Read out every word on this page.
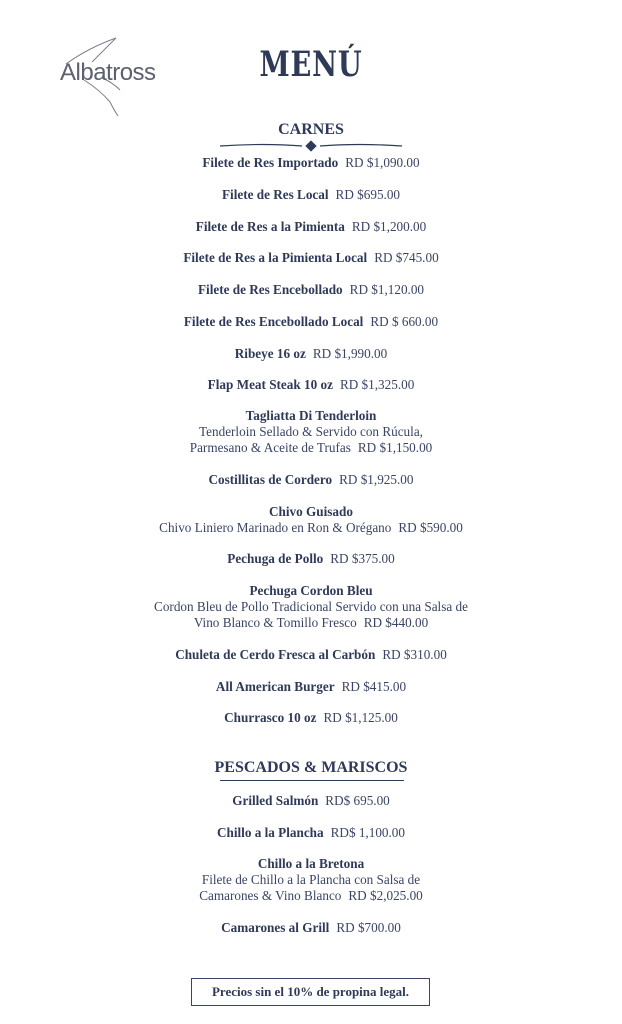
Albatross	MENÚ
CARNES
Filete de Res Importado RD $1,090.00
Filete de Res Local RD $695.00
Filete de Res a la Pimienta RD $1,200.00
Filete de Res a la Pimienta Local RD $745.00
Filete de Res Encebollado RD $1,120.00
Filete de Res Encebollado Local RD $ 660.00
Ribeye 16 oz RD $1,990.00
Flap Meat Steak 10 oz RD $1,325.00
Tagliatta Di Tenderloin
Tenderloin Sellado & Servido con Rúcula,
Parmesano & Aceite de Trufas RD $1,150.00
Costillitas de Cordero RD $1,925.00
Chivo Guisado
Chivo Liniero Marinado en Ron & Orégano RD $590.00
Pechuga de Pollo RD $375.00
Pechuga Cordon Bleu
Cordon Bleu de Pollo Tradicional Servido con una Salsa de
Vino Blanco & Tomillo Fresco RD $440.00
Chuleta de Cerdo Fresca al Carbón RD $310.00
All American Burger RD $415.00
Churrasco 10 oz RD $1,125.00
PESCADOS & MARISCOS
Grilled Salmón RD$ 695.00
Chillo a la Plancha RD$ 1,100.00
Chillo a la Bretona
Filete de Chillo a la Plancha con Salsa de
Camarones & Vino Blanco RD $2,025.00
Camarones al Grill RD $700.00
Precios sin el 10% de propina legal.
